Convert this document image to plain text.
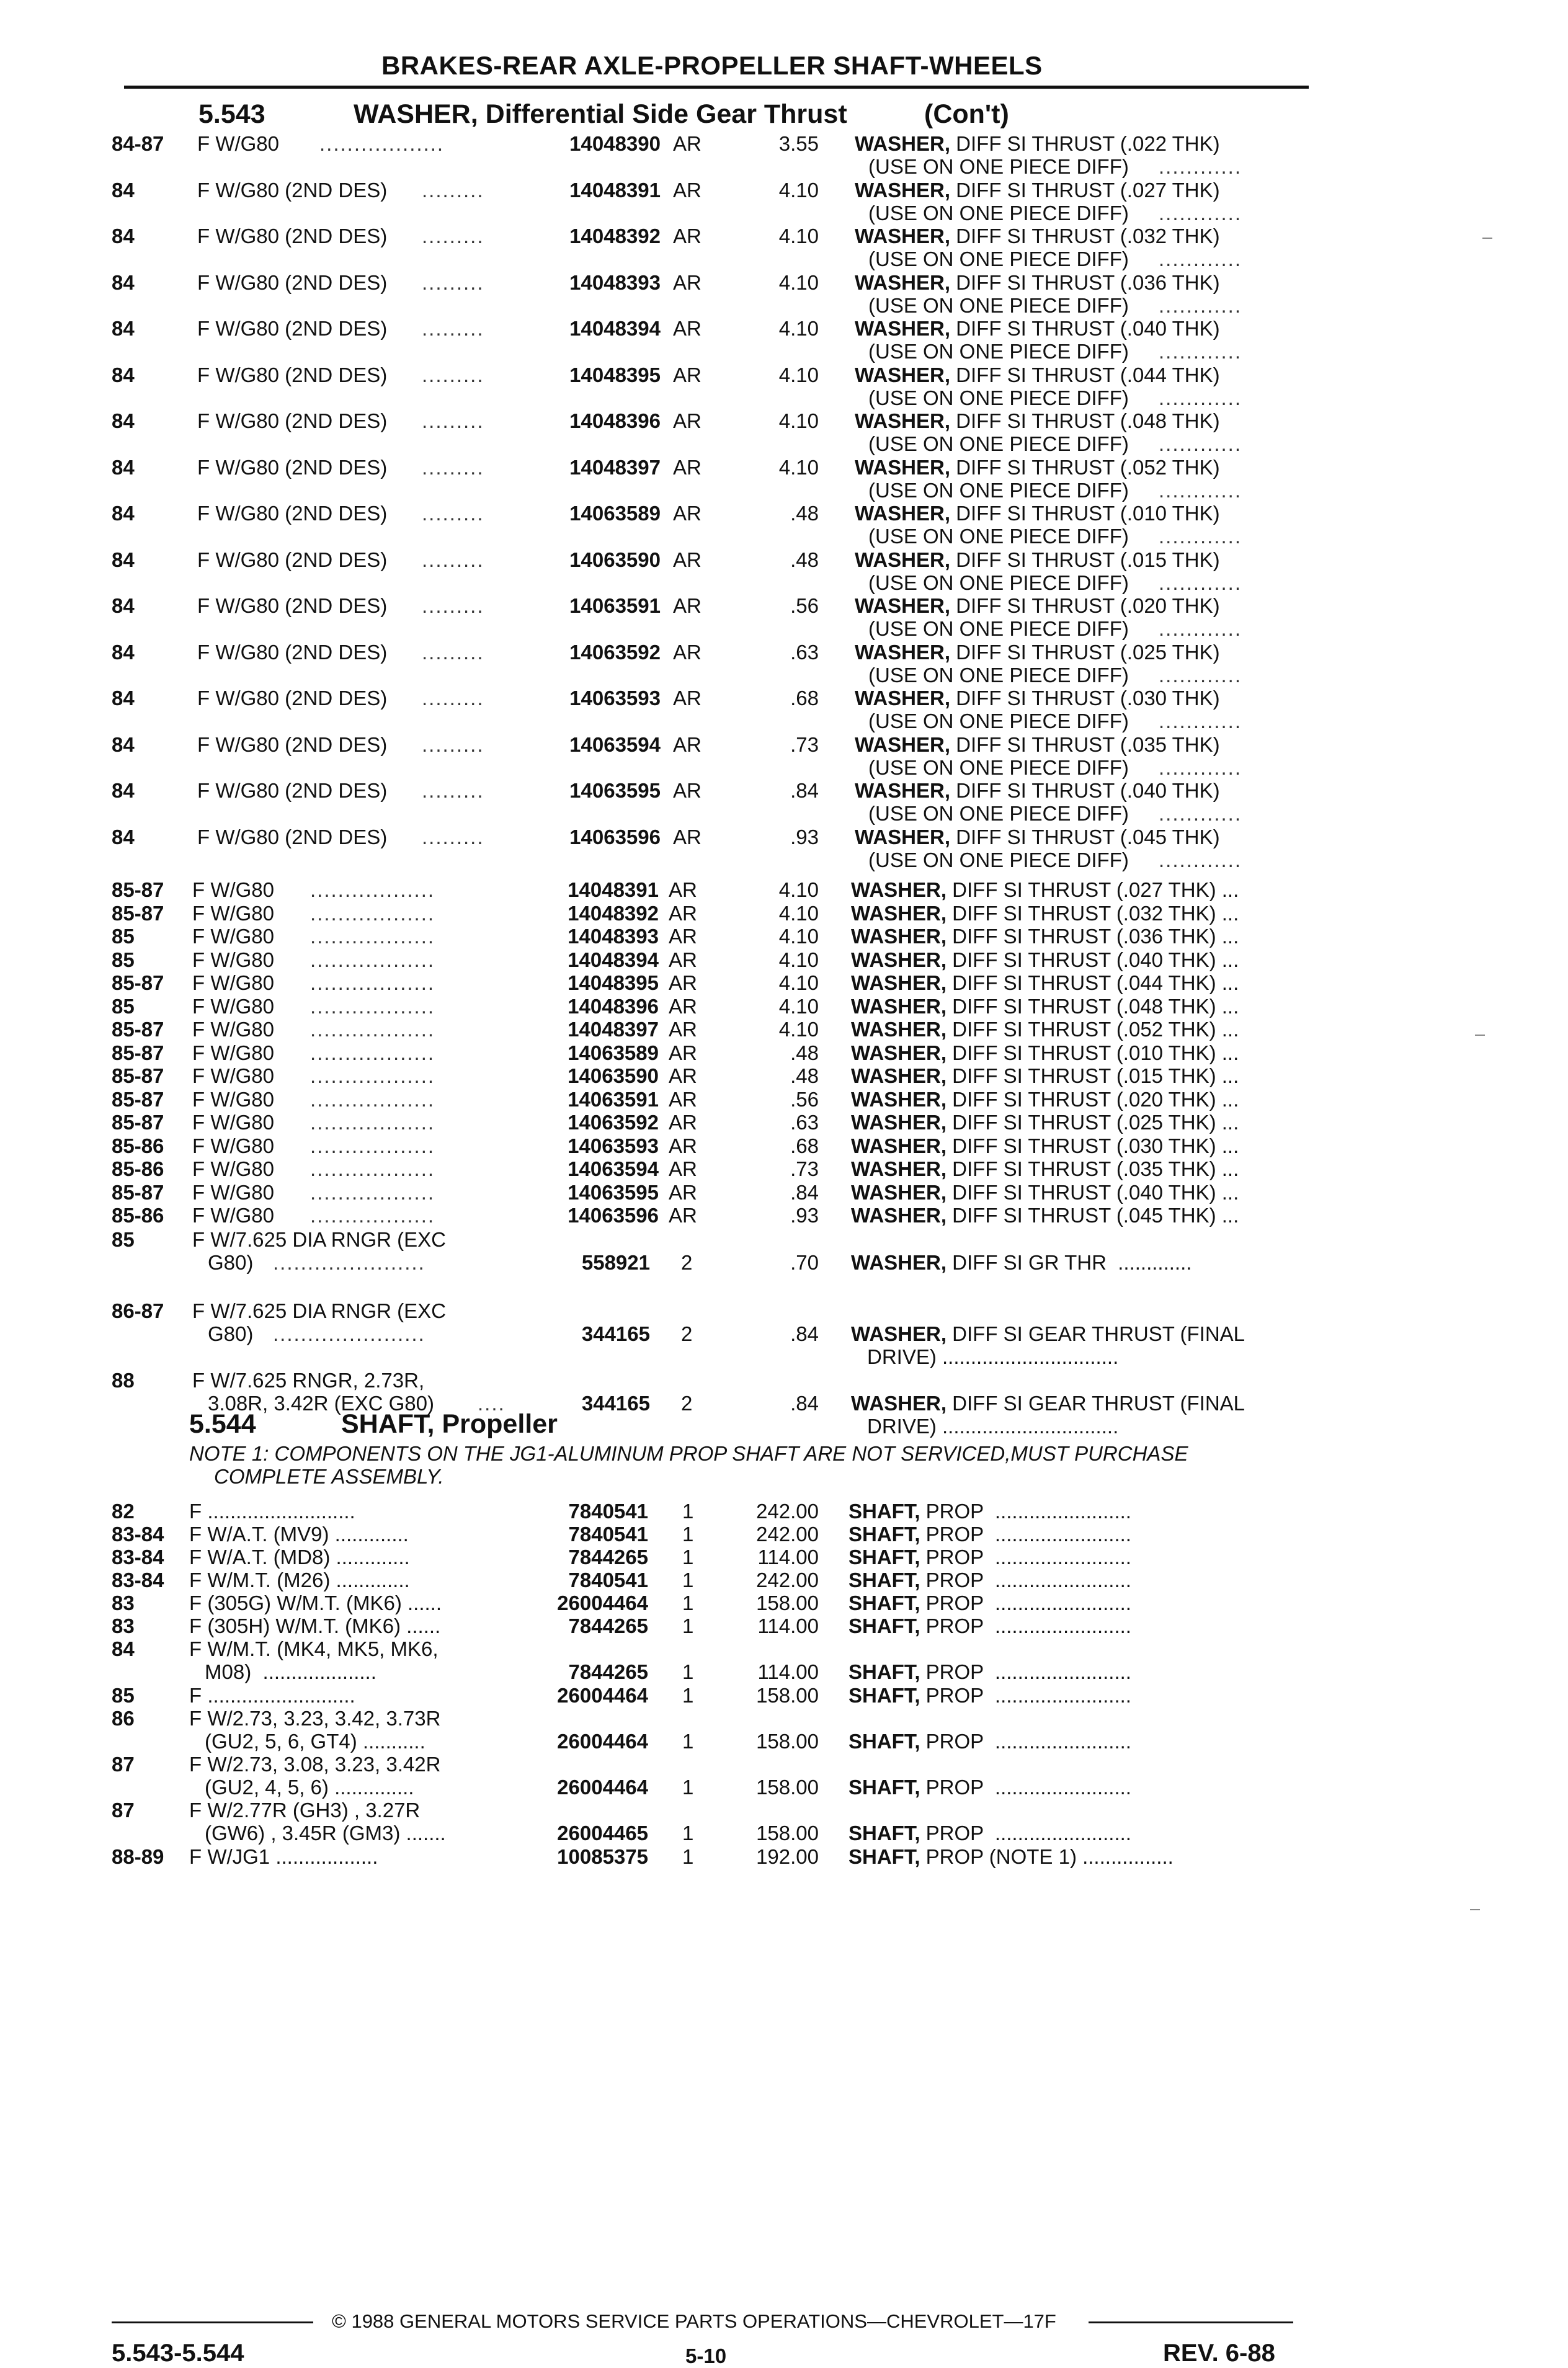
BRAKES-REAR AXLE-PROPELLER SHAFT-WHEELS
5.543	WASHER, Differential Side Gear Thrust	(Con't)
84-87 F W/G80 ..................	14048390 AR	3.55 WASHER, DIFF SI THRUST (.022 THK)
(USE ON ONE PIECE DIFF) ............
84	F W/G80 (2ND DES) .........	14048391 AR	4.10 WASHER, DIFF SI THRUST (.027 THK)
(USE ON ONE PIECE DIFF) ............
84	F W/G80 (2ND DES) .........	14048392 AR	4.10 WASHER, DIFF SI THRUST (.032 THK)
(USE ON ONE PIECE DIFF) ............
84	F W/G80 (2ND DES) .........	14048393 AR	4.10 WASHER, DIFF SI THRUST (.036 THK)
(USE ON ONE PIECE DIFF) ............
84	F W/G80 (2ND DES) .........	14048394 AR	4.10 WASHER, DIFF SI THRUST (.040 THK)
(USE ON ONE PIECE DIFF) ............
84	F W/G80 (2ND DES) .........	14048395 AR	4.10 WASHER, DIFF SI THRUST (.044 THK)
(USE ON ONE PIECE DIFF) ............
84	F W/G80 (2ND DES) .........	14048396 AR	4.10 WASHER, DIFF SI THRUST (.048 THK)
(USE ON ONE PIECE DIFF) ............
84	F W/G80 (2ND DES) .........	14048397 AR	4.10 WASHER, DIFF SI THRUST (.052 THK)
(USE ON ONE PIECE DIFF) ............
84	F W/G80 (2ND DES) .........	14063589 AR	.48 WASHER, DIFF SI THRUST (.010 THK)
(USE ON ONE PIECE DIFF) ............
84	F W/G80 (2ND DES) .........	14063590 AR	.48 WASHER, DIFF SI THRUST (.015 THK)
(USE ON ONE PIECE DIFF) ............
84	F W/G80 (2ND DES) .........	14063591 AR	.56 WASHER, DIFF SI THRUST (.020 THK)
(USE ON ONE PIECE DIFF) ............
84	F W/G80 (2ND DES) .........	14063592 AR	.63 WASHER, DIFF SI THRUST (.025 THK)
(USE ON ONE PIECE DIFF) ............
84	F W/G80 (2ND DES) .........	14063593 AR	.68 WASHER, DIFF SI THRUST (.030 THK)
(USE ON ONE PIECE DIFF) ............
84	F W/G80 (2ND DES) .........	14063594 AR	.73 WASHER, DIFF SI THRUST (.035 THK)
(USE ON ONE PIECE DIFF) ............
84	F W/G80 (2ND DES) .........	14063595 AR	.84 WASHER, DIFF SI THRUST (.040 THK)
(USE ON ONE PIECE DIFF) ............
84	F W/G80 (2ND DES) .........	14063596 AR	.93 WASHER, DIFF SI THRUST (.045 THK)
(USE ON ONE PIECE DIFF) ............
85-87 F W/G80 ..................	14048391 AR	4.10 WASHER, DIFF SI THRUST (.027 THK) ...
85-87 F W/G80 ..................	14048392 AR	4.10 WASHER, DIFF SI THRUST (.032 THK) ...
85	F W/G80 ..................	14048393 AR	4.10 WASHER, DIFF SI THRUST (.036 THK) ...
85	F W/G80 ..................	14048394 AR	4.10 WASHER, DIFF SI THRUST (.040 THK) ...
85-87 F W/G80 ..................	14048395 AR	4.10 WASHER, DIFF SI THRUST (.044 THK) ...
85	F W/G80 ..................	14048396 AR	4.10 WASHER, DIFF SI THRUST (.048 THK) ...
85-87 F W/G80 ..................	14048397 AR	4.10 WASHER, DIFF SI THRUST (.052 THK) ...
85-87 F W/G80 ..................	14063589 AR	.48 WASHER, DIFF SI THRUST (.010 THK) ...
85-87 F W/G80 ..................	14063590 AR	.48 WASHER, DIFF SI THRUST (.015 THK) ...
85-87 F W/G80 ..................	14063591 AR	.56 WASHER, DIFF SI THRUST (.020 THK) ...
85-87 F W/G80 ..................	14063592 AR	.63 WASHER, DIFF SI THRUST (.025 THK) ...
85-86 F W/G80 ..................	14063593 AR	.68 WASHER, DIFF SI THRUST (.030 THK) ...
85-86 F W/G80 ..................	14063594 AR	.73 WASHER, DIFF SI THRUST (.035 THK) ...
85-87 F W/G80 ..................	14063595 AR	.84 WASHER, DIFF SI THRUST (.040 THK) ...
85-86 F W/G80 ..................	14063596 AR	.93 WASHER, DIFF SI THRUST (.045 THK) ...
85	F W/7.625 DIA RNGR (EXC
G80) ......................	558921 2	.70 WASHER, DIFF SI GR THR  .............
86-87 F W/7.625 DIA RNGR (EXC
G80) ......................	344165 2	.84 WASHER, DIFF SI GEAR THRUST (FINAL
DRIVE) ...............................
88	F W/7.625 RNGR, 2.73R,
3.08R, 3.42R (EXC G80) ....	344165 2	.84 WASHER, DIFF SI GEAR THRUST (FINAL
DRIVE) ...............................
82	F ..........................	7840541 1	242.00 SHAFT, PROP  ........................
83-84 F W/A.T. (MV9) .............	7840541 1	242.00 SHAFT, PROP  ........................
83-84 F W/A.T. (MD8) .............	7844265 1	114.00 SHAFT, PROP  ........................
83-84 F W/M.T. (M26) .............	7840541 1	242.00 SHAFT, PROP  ........................
83	F (305G) W/M.T. (MK6) ......	26004464 1	158.00 SHAFT, PROP  ........................
83	F (305H) W/M.T. (MK6) ......	7844265 1	114.00 SHAFT, PROP  ........................
84	F W/M.T. (MK4, MK5, MK6,
M08)  ....................	7844265 1	114.00 SHAFT, PROP  ........................
85	F ..........................	26004464 1	158.00 SHAFT, PROP  ........................
86	F W/2.73, 3.23, 3.42, 3.73R
(GU2, 5, 6, GT4) ...........	26004464 1	158.00 SHAFT, PROP  ........................
87	F W/2.73, 3.08, 3.23, 3.42R
(GU2, 4, 5, 6) ..............	26004464 1	158.00 SHAFT, PROP  ........................
87	F W/2.77R (GH3) , 3.27R
(GW6) , 3.45R (GM3) .......	26004465 1	158.00 SHAFT, PROP  ........................
88-89 F W/JG1 ..................	10085375 1	192.00 SHAFT, PROP (NOTE 1) ................
5.544	SHAFT, Propeller
NOTE 1: COMPONENTS ON THE JG1-ALUMINUM PROP SHAFT ARE NOT SERVICED,MUST PURCHASE
COMPLETE ASSEMBLY.
© 1988 GENERAL MOTORS SERVICE PARTS OPERATIONS—CHEVROLET—17F
5.543-5.544	5-10	REV. 6-88
